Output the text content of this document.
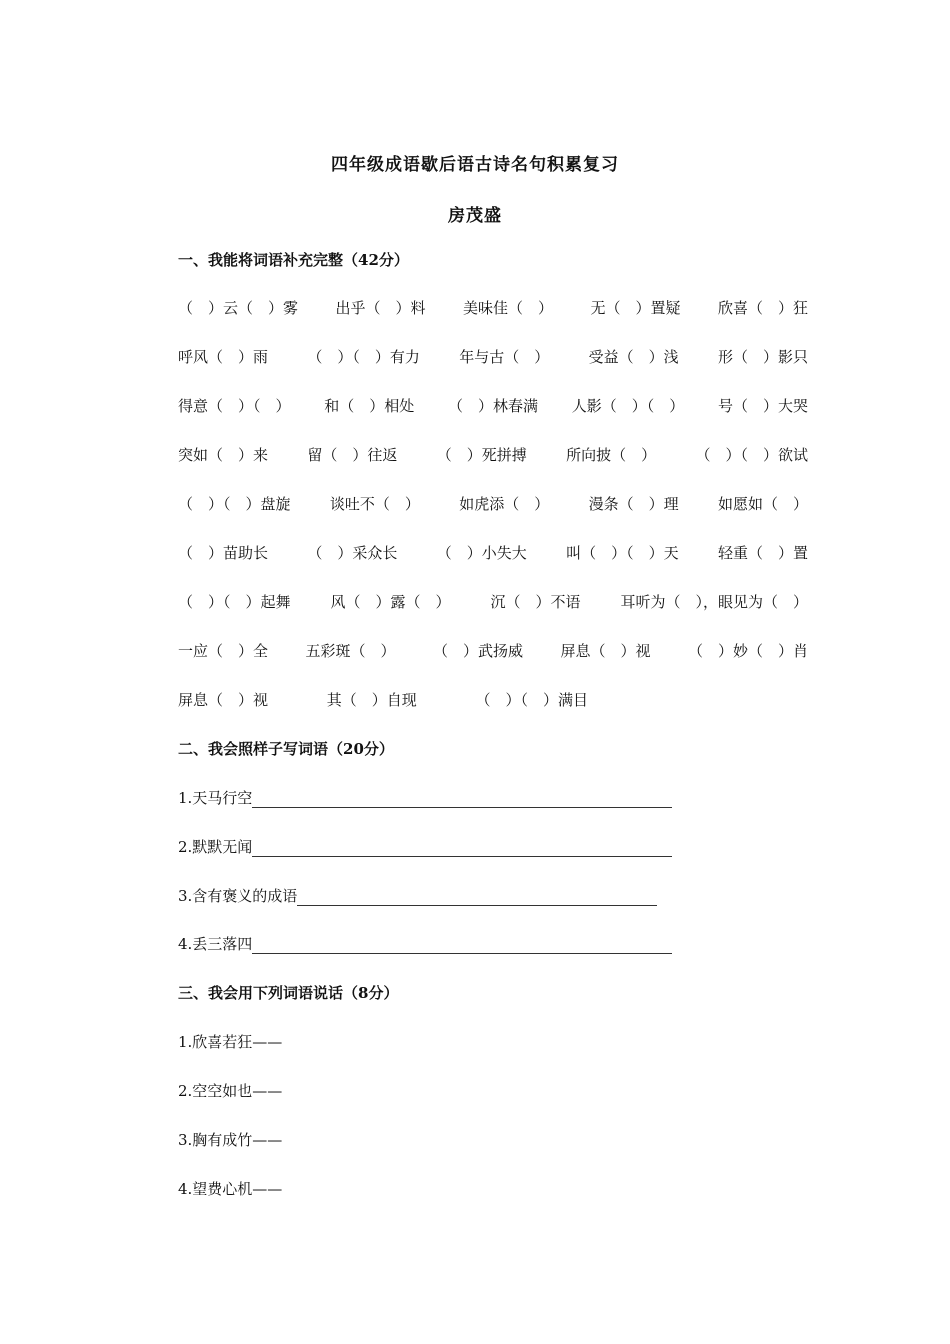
四年级成语歇后语古诗名句积累复习
房茂盛
一、我能将词语补充完整（42分）
（　）云（　）雾 出乎（　）料 美味佳（　） 无（　）置疑 欣喜（　）狂
呼风（　）雨	（　）（　）有力	年与古（　）	受益（　）浅	形（　）影只
得意（　）（　） 和（　）相处 （　）林春满 人影（　）（　） 号（　）大哭
突如（　）来	留（　）往返	（　）死拼搏	所向披（　）	（　）（　）欲试
（　）（　）盘旋	谈吐不（　）	如虎添（　）	漫条（　）理	如愿如（　）
（　）苗助长	（　）采众长	（　）小失大	叫（　）（　）天	轻重（　）置
（　）（　）起舞	风（　）露（　）	沉（　）不语	耳听为（　），眼见为（　）
一应（　）全 五彩斑（　） （　）武扬威 屏息（　）视 （　）妙（　）肖
屏息（　）视	其（　）自现	（　）（　）满目
二、我会照样子写词语（20分）
1.天马行空
2.默默无闻
3.含有褒义的成语
4.丢三落四
三、我会用下列词语说话（8分）
1.欣喜若狂——
2.空空如也——
3.胸有成竹——
4.望费心机——
